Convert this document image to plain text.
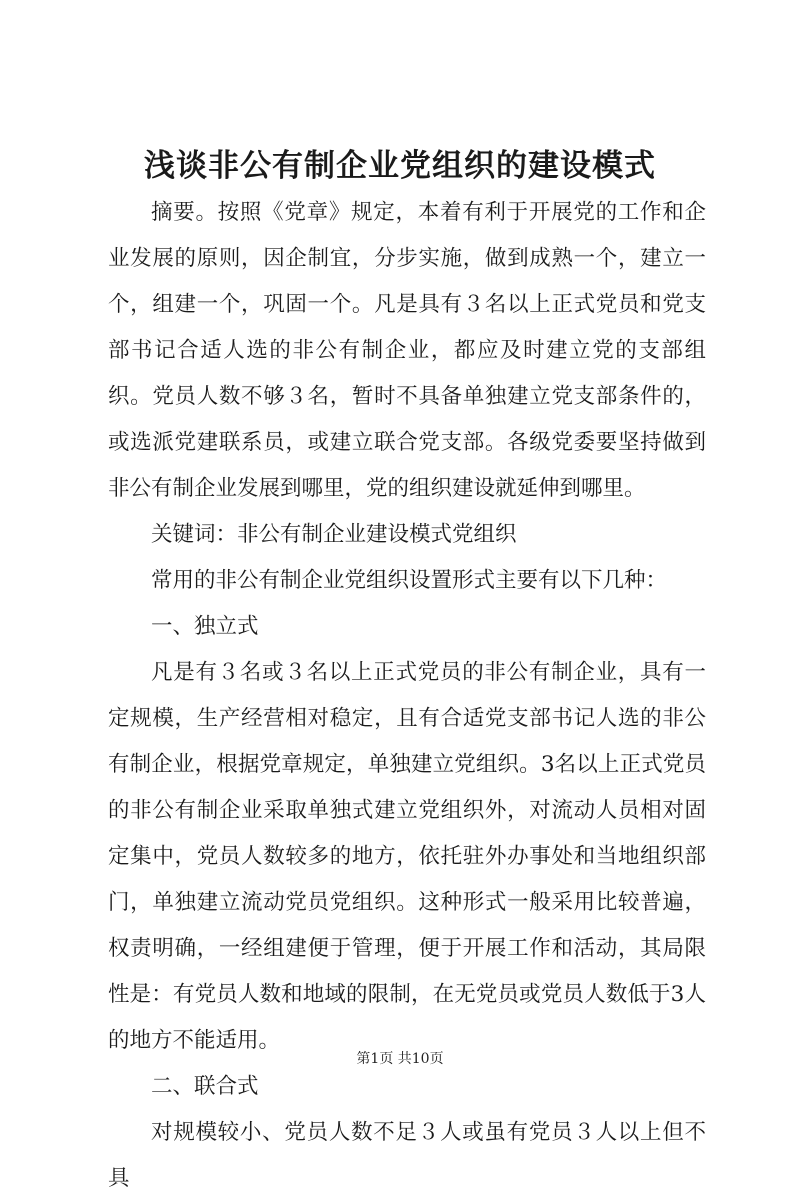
浅谈非公有制企业党组织的建设模式

摘要。按照《党章》规定，本着有利于开展党的工作和企业发展的原则，因企制宜，分步实施，做到成熟一个，建立一个，组建一个，巩固一个。凡是具有３名以上正式党员和党支部书记合适人选的非公有制企业，都应及时建立党的支部组织。党员人数不够３名，暂时不具备单独建立党支部条件的，或选派党建联系员，或建立联合党支部。各级党委要坚持做到非公有制企业发展到哪里，党的组织建设就延伸到哪里。

关键词：非公有制企业建设模式党组织

常用的非公有制企业党组织设置形式主要有以下几种：

一、独立式

凡是有３名或３名以上正式党员的非公有制企业，具有一定规模，生产经营相对稳定，且有合适党支部书记人选的非公有制企业，根据党章规定，单独建立党组织。3名以上正式党员的非公有制企业采取单独式建立党组织外，对流动人员相对固定集中，党员人数较多的地方，依托驻外办事处和当地组织部门，单独建立流动党员党组织。这种形式一般采用比较普遍，权责明确，一经组建便于管理，便于开展工作和活动，其局限性是：有党员人数和地域的限制，在无党员或党员人数低于3人的地方不能适用。

二、联合式

对规模较小、党员人数不足３人或虽有党员３人以上但不具

第1页 共10页
